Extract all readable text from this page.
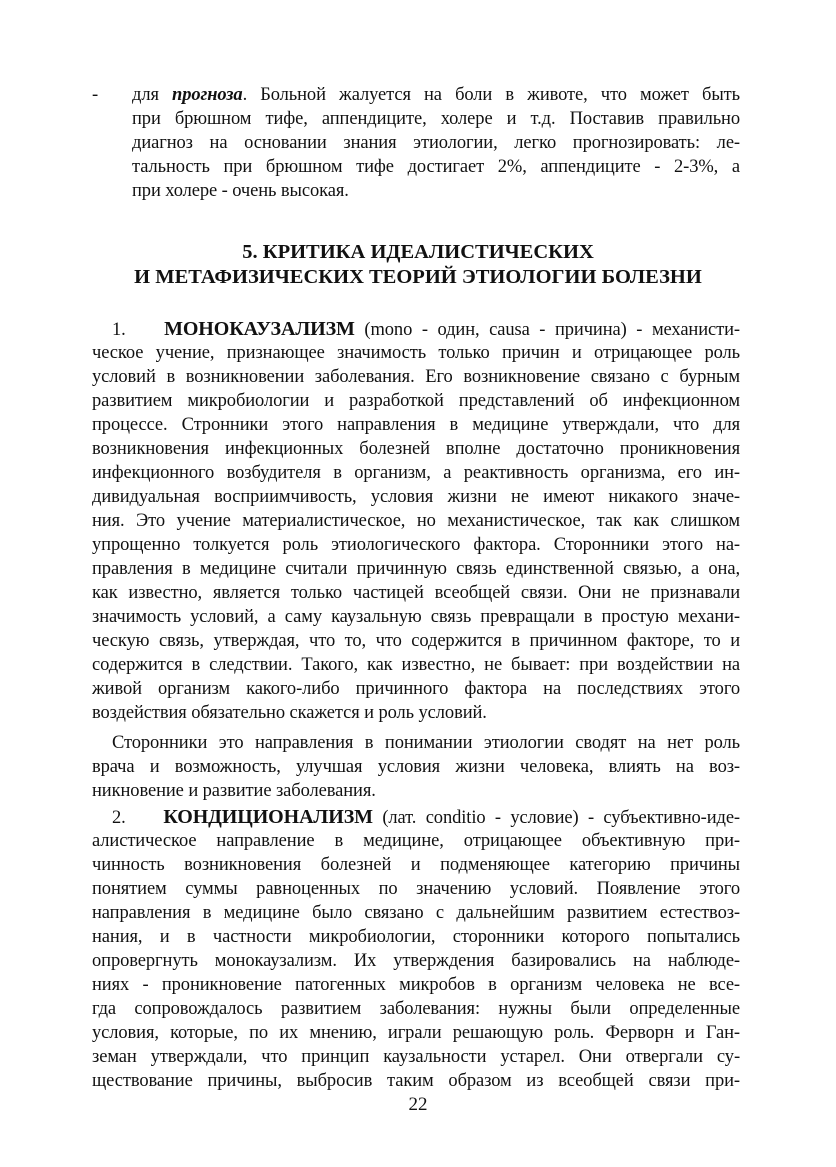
- для прогноза. Больной жалуется на боли в животе, что может быть
при брюшном тифе, аппендиците, холере и т.д. Поставив правильно
диагноз на основании знания этиологии, легко прогнозировать: ле-
тальность при брюшном тифе достигает 2%, аппендиците - 2-3%, а
при холере - очень высокая.
5. КРИТИКА ИДЕАЛИСТИЧЕСКИХ
И МЕТАФИЗИЧЕСКИХ ТЕОРИЙ ЭТИОЛОГИИ БОЛЕЗНИ
1. МОНОКАУЗАЛИЗМ (mono - один, causa - причина) - механисти-
ческое учение, признающее значимость только причин и отрицающее роль
условий в возникновении заболевания. Его возникновение связано с бурным
развитием микробиологии и разработкой представлений об инфекционном
процессе. Стронники этого направления в медицине утверждали, что для
возникновения инфекционных болезней вполне достаточно проникновения
инфекционного возбудителя в организм, а реактивность организма, его ин-
дивидуальная восприимчивость, условия жизни не имеют никакого значе-
ния. Это учение материалистическое, но механистическое, так как слишком
упрощенно толкуется роль этиологического фактора. Сторонники этого на-
правления в медицине считали причинную связь единственной связью, а она,
как известно, является только частицей всеобщей связи. Они не признавали
значимость условий, а саму каузальную связь превращали в простую механи-
ческую связь, утверждая, что то, что содержится в причинном факторе, то и
содержится в следствии. Такого, как известно, не бывает: при воздействии на
живой организм какого-либо причинного фактора на последствиях этого
воздействия обязательно скажется и роль условий.
Сторонники это направления в понимании этиологии сводят на нет роль
врача и возможность, улучшая условия жизни человека, влиять на воз-
никновение и развитие заболевания.
2. КОНДИЦИОНАЛИЗМ (лат. conditio - условие) - субъективно-иде-
алистическое направление в медицине, отрицающее объективную при-
чинность возникновения болезней и подменяющее категорию причины
понятием суммы равноценных по значению условий. Появление этого
направления в медицине было связано с дальнейшим развитием естествоз-
нания, и в частности микробиологии, сторонники которого попытались
опровергнуть монокаузализм. Их утверждения базировались на наблюде-
ниях - проникновение патогенных микробов в организм человека не все-
гда сопровождалось развитием заболевания: нужны были определенные
условия, которые, по их мнению, играли решающую роль. Ферворн и Ган-
земан утверждали, что принцип каузальности устарел. Они отвергали су-
ществование причины, выбросив таким образом из всеобщей связи при-
22
